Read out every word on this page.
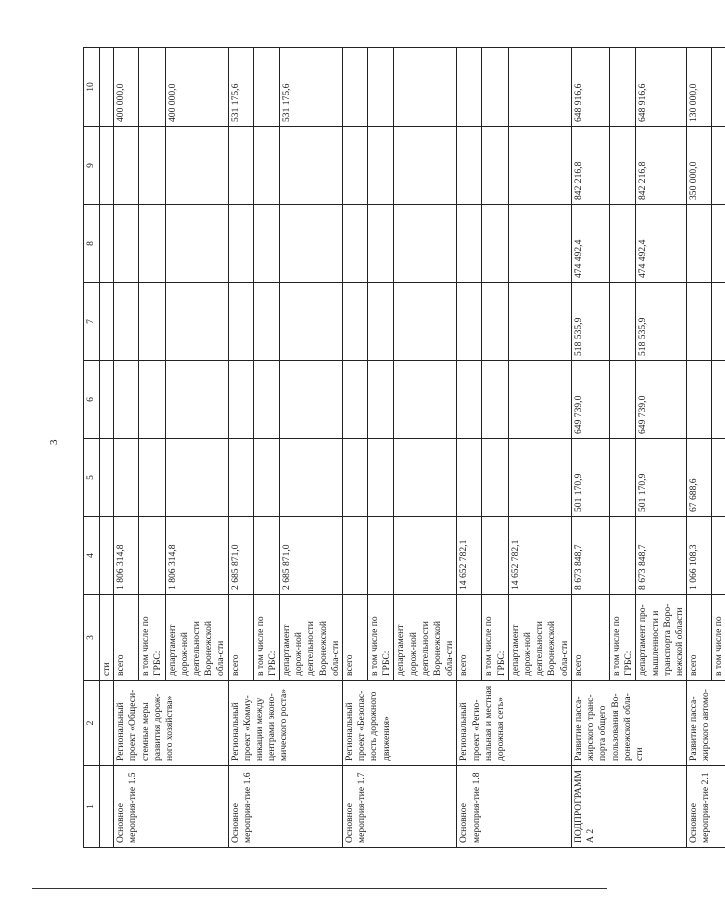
3
1	2	3	4	5	6	7	8	9	10
		сти							
Основное мероприя-тие 1.5	Региональный проект «Общеси-стемные меры развития дорож-ного хозяйства»	всего	1 806 314,8						400 000,0
		в том числе по ГРБС:							
		департамент дорож-ной деятельности Воронежской обла-сти	1 806 314,8						400 000,0
Основное мероприя-тие 1.6	Региональный проект «Комму-никации между центрами эконо-мического роста»	всего	2 685 871,0						531 175,6
		в том числе по ГРБС:							
		департамент дорож-ной деятельности Воронежской обла-сти	2 685 871,0						531 175,6
Основное мероприя-тие 1.7	Региональный проект «Безопас-ность дорожного движения»	всего							
		в том числе по ГРБС:							
		департамент дорож-ной деятельности Воронежской обла-сти							
Основное мероприя-тие 1.8	Региональный проект «Регио-нальная и местная дорожная сеть»	всего	14 652 782,1						
		в том числе по ГРБС:							
		департамент дорож-ной деятельности Воронежской обла-сти	14 652 782,1						
ПОДПРОГРАММА 2	Развитие пасса-жирского транс-порта общего пользования Во-ронежской обла-сти	всего	8 673 848,7	501 170,9	649 739,0	518 535,9	474 492,4	842 216,8	648 916,6
		в том числе по ГРБС:							
		департамент про-мышленности и транспорта Воро-нежской области	8 673 848,7	501 170,9	649 739,0	518 535,9	474 492,4	842 216,8	648 916,6
Основное мероприя-тие 2.1	Развитие пасса-жирского автомо-	всего	1 066 108,3	67 688,6				350 000,0	130 000,0
		в том числе по							
